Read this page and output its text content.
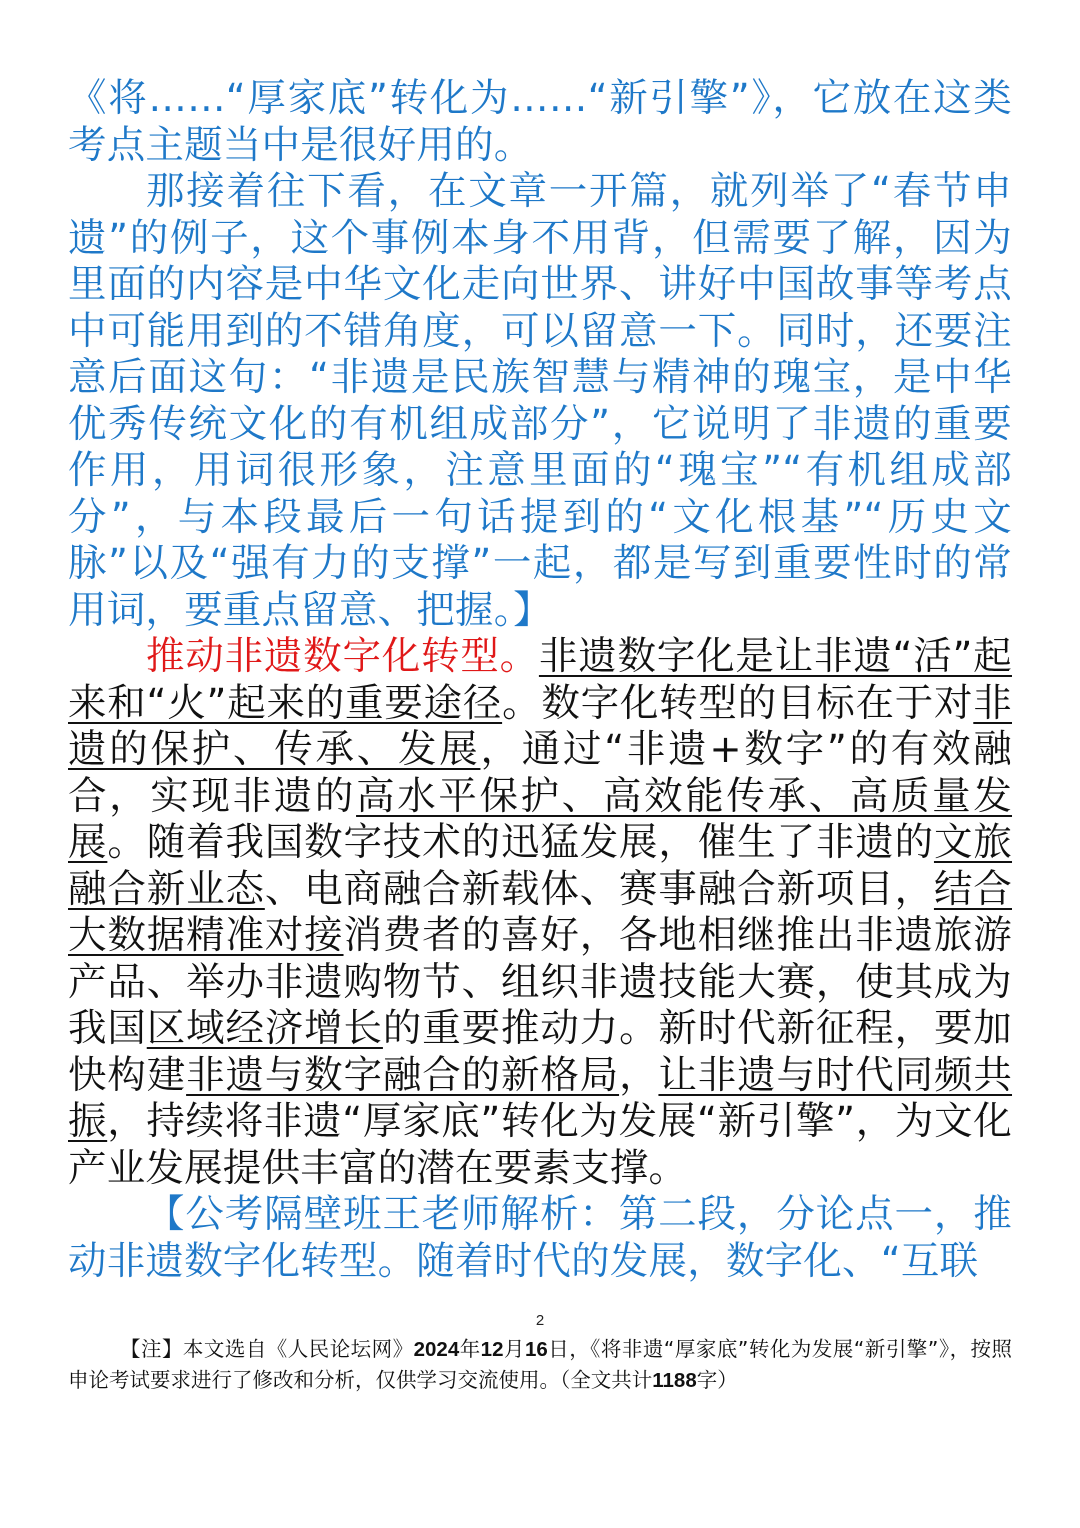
《将……“厚家底”转化为……“新引擎”》，它放在这类考点主题当中是很好用的。

那接着往下看，在文章一开篇，就列举了“春节申遗”的例子，这个事例本身不用背，但需要了解，因为里面的内容是中华文化走向世界、讲好中国故事等考点中可能用到的不错角度，可以留意一下。同时，还要注意后面这句：“非遗是民族智慧与精神的瑰宝，是中华优秀传统文化的有机组成部分”，它说明了非遗的重要作用，用词很形象，注意里面的“瑰宝”“有机组成部分”，与本段最后一句话提到的“文化根基”“历史文脉”以及“强有力的支撑”一起，都是写到重要性时的常用词，要重点留意、把握。】

推动非遗数字化转型。非遗数字化是让非遗“活”起来和“火”起来的重要途径。数字化转型的目标在于对非遗的保护、传承、发展，通过“非遗+数字”的有效融合，实现非遗的高水平保护、高效能传承、高质量发展。随着我国数字技术的迅猛发展，催生了非遗的文旅融合新业态、电商融合新载体、赛事融合新项目，结合大数据精准对接消费者的喜好，各地相继推出非遗旅游产品、举办非遗购物节、组织非遗技能大赛，使其成为我国区域经济增长的重要推动力。新时代新征程，要加快构建非遗与数字融合的新格局，让非遗与时代同频共振，持续将非遗“厚家底”转化为发展“新引擎”，为文化产业发展提供丰富的潜在要素支撑。

【公考隔壁班王老师解析：第二段，分论点一，推动非遗数字化转型。随着时代的发展，数字化、“互联

2
【注】本文选自《人民论坛网》2024年12月16日，《将非遗“厚家底”转化为发展“新引擎”》，按照申论考试要求进行了修改和分析，仅供学习交流使用。（全文共计1188字）
